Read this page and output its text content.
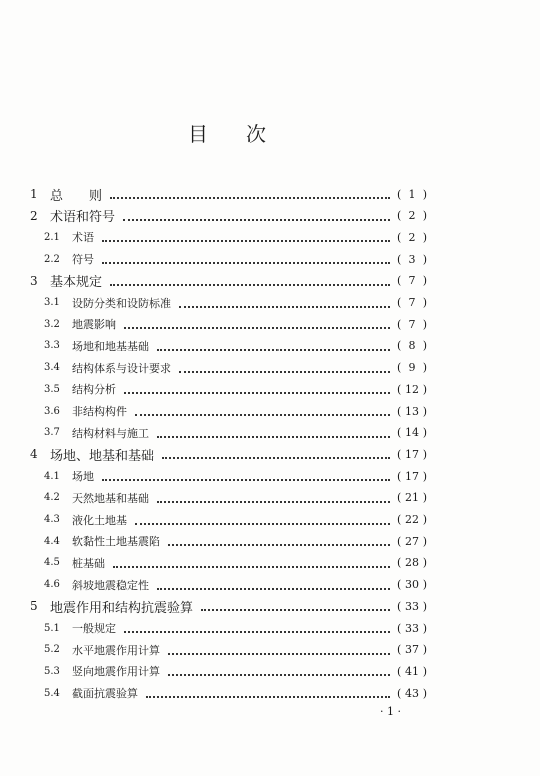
目 次
1 总　　则	( 1 )
2 术语和符号	( 2 )
2.1 术语	( 2 )
2.2 符号	( 3 )
3 基本规定	( 7 )
3.1 设防分类和设防标准	( 7 )
3.2 地震影响	( 7 )
3.3 场地和地基基础	( 8 )
3.4 结构体系与设计要求	( 9 )
3.5 结构分析	( 12 )
3.6 非结构构件	( 13 )
3.7 结构材料与施工	( 14 )
4 场地、地基和基础	( 17 )
4.1 场地	( 17 )
4.2 天然地基和基础	( 21 )
4.3 液化土地基	( 22 )
4.4 软黏性土地基震陷	( 27 )
4.5 桩基础	( 28 )
4.6 斜坡地震稳定性	( 30 )
5 地震作用和结构抗震验算	( 33 )
5.1 一般规定	( 33 )
5.2 水平地震作用计算	( 37 )
5.3 竖向地震作用计算	( 41 )
5.4 截面抗震验算	( 43 )
· 1 ·
